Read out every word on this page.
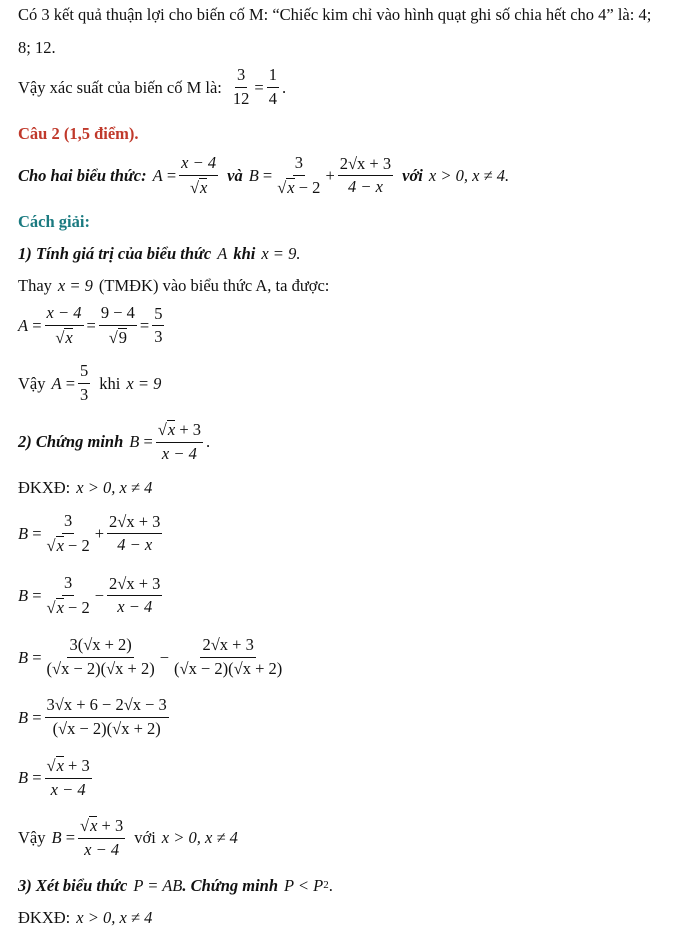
Có 3 kết quả thuận lợi cho biến cố M: “Chiếc kim chỉ vào hình quạt ghi số chia hết cho 4” là: 4;
8; 12.
Vậy xác suất của biến cố M là: $\frac{3}{12} = \frac{1}{4}$ .
Câu 2 (1,5 điểm).
Cho hai biểu thức: $A = \frac{x - 4}{√ x}$ và $B = \frac{3}{√ x - 2} + \frac{2√x + 3}{4 - x}$ với x > 0, x ≠ 4.
Cách giải:
1) Tính giá trị của biểu thức A khi x = 9.
Thay x = 9 (TMĐK) vào biểu thức A, ta được:
$A = \frac{x - 4}{√ x} = \frac{9 - 4}{√ 9} = \frac{5}{3}$
Vậy $A = \frac{5}{3}$ khi x = 9
2) Chứng minh $B = \frac{√ x + 3}{x - 4}$ .
ĐKXĐ: x > 0, x ≠ 4
$B = \frac{3}{√ x - 2} + \frac{2√x + 3}{4 - x}$
$B = \frac{3}{√ x - 2} - \frac{2√x + 3}{x - 4}$
$B = \frac{3(√x + 2)}{(√x - 2)(√x + 2)} - \frac{2√x + 3}{(√x - 2)(√x + 2)}$
$B = \frac{3√x + 6 - 2√x - 3}{(√x - 2)(√x + 2)}$
$B = \frac{√ x + 3}{x - 4}$
Vậy $B = \frac{√ x + 3}{x - 4}$ với x > 0, x ≠ 4
3) Xét biểu thức P = AB . Chứng minh P < P 2 .
ĐKXĐ: x > 0, x ≠ 4
